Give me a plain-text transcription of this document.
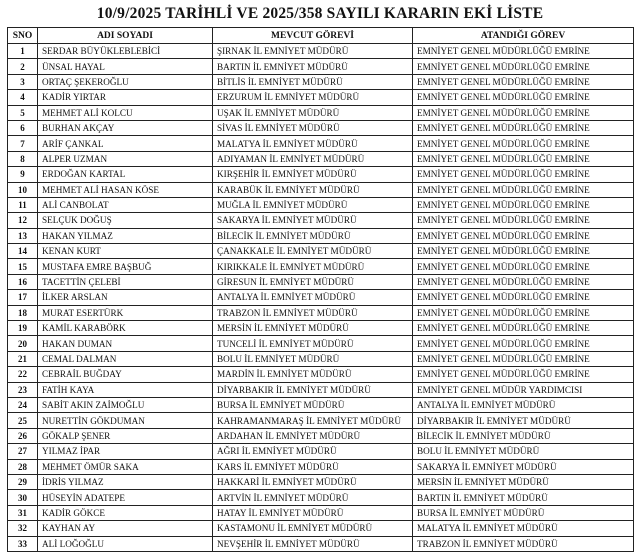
10/9/2025 TARİHLİ VE 2025/358 SAYILI KARARIN EKİ LİSTE
SNO	ADI SOYADI	MEVCUT GÖREVİ	ATANDIĞI GÖREV
1	SERDAR BÜYÜKLEBLEBİCİ	ŞIRNAK İL EMNİYET MÜDÜRÜ	EMNİYET GENEL MÜDÜRLÜĞÜ EMRİNE
2	ÜNSAL HAYAL	BARTIN İL EMNİYET MÜDÜRÜ	EMNİYET GENEL MÜDÜRLÜĞÜ EMRİNE
3	ORTAÇ ŞEKEROĞLU	BİTLİS İL EMNİYET MÜDÜRÜ	EMNİYET GENEL MÜDÜRLÜĞÜ EMRİNE
4	KADİR YIRTAR	ERZURUM İL EMNİYET MÜDÜRÜ	EMNİYET GENEL MÜDÜRLÜĞÜ EMRİNE
5	MEHMET ALİ KOLCU	UŞAK İL EMNİYET MÜDÜRÜ	EMNİYET GENEL MÜDÜRLÜĞÜ EMRİNE
6	BURHAN AKÇAY	SİVAS İL EMNİYET MÜDÜRÜ	EMNİYET GENEL MÜDÜRLÜĞÜ EMRİNE
7	ARİF ÇANKAL	MALATYA İL EMNİYET MÜDÜRÜ	EMNİYET GENEL MÜDÜRLÜĞÜ EMRİNE
8	ALPER UZMAN	ADIYAMAN İL EMNİYET MÜDÜRÜ	EMNİYET GENEL MÜDÜRLÜĞÜ EMRİNE
9	ERDOĞAN KARTAL	KIRŞEHİR İL EMNİYET MÜDÜRÜ	EMNİYET GENEL MÜDÜRLÜĞÜ EMRİNE
10	MEHMET ALİ HASAN KÖSE	KARABÜK İL EMNİYET MÜDÜRÜ	EMNİYET GENEL MÜDÜRLÜĞÜ EMRİNE
11	ALİ CANBOLAT	MUĞLA İL EMNİYET MÜDÜRÜ	EMNİYET GENEL MÜDÜRLÜĞÜ EMRİNE
12	SELÇUK DOĞUŞ	SAKARYA İL EMNİYET MÜDÜRÜ	EMNİYET GENEL MÜDÜRLÜĞÜ EMRİNE
13	HAKAN YILMAZ	BİLECİK İL EMNİYET MÜDÜRÜ	EMNİYET GENEL MÜDÜRLÜĞÜ EMRİNE
14	KENAN KURT	ÇANAKKALE İL EMNİYET MÜDÜRÜ	EMNİYET GENEL MÜDÜRLÜĞÜ EMRİNE
15	MUSTAFA EMRE BAŞBUĞ	KIRIKKALE İL EMNİYET MÜDÜRÜ	EMNİYET GENEL MÜDÜRLÜĞÜ EMRİNE
16	TACETTİN ÇELEBİ	GİRESUN İL EMNİYET MÜDÜRÜ	EMNİYET GENEL MÜDÜRLÜĞÜ EMRİNE
17	İLKER ARSLAN	ANTALYA İL EMNİYET MÜDÜRÜ	EMNİYET GENEL MÜDÜRLÜĞÜ EMRİNE
18	MURAT ESERTÜRK	TRABZON İL EMNİYET MÜDÜRÜ	EMNİYET GENEL MÜDÜRLÜĞÜ EMRİNE
19	KAMİL KARABÖRK	MERSİN İL EMNİYET MÜDÜRÜ	EMNİYET GENEL MÜDÜRLÜĞÜ EMRİNE
20	HAKAN DUMAN	TUNCELİ İL EMNİYET MÜDÜRÜ	EMNİYET GENEL MÜDÜRLÜĞÜ EMRİNE
21	CEMAL DALMAN	BOLU İL EMNİYET MÜDÜRÜ	EMNİYET GENEL MÜDÜRLÜĞÜ EMRİNE
22	CEBRAİL BUĞDAY	MARDİN İL EMNİYET MÜDÜRÜ	EMNİYET GENEL MÜDÜRLÜĞÜ EMRİNE
23	FATİH KAYA	DİYARBAKIR İL EMNİYET MÜDÜRÜ	EMNİYET GENEL MÜDÜR YARDIMCISI
24	SABİT AKIN ZAİMOĞLU	BURSA İL EMNİYET MÜDÜRÜ	ANTALYA İL EMNİYET MÜDÜRÜ
25	NURETTİN GÖKDUMAN	KAHRAMANMARAŞ İL EMNİYET MÜDÜRÜ	DİYARBAKIR İL EMNİYET MÜDÜRÜ
26	GÖKALP ŞENER	ARDAHAN İL EMNİYET MÜDÜRÜ	BİLECİK İL EMNİYET MÜDÜRÜ
27	YILMAZ İPAR	AĞRI İL EMNİYET MÜDÜRÜ	BOLU İL EMNİYET MÜDÜRÜ
28	MEHMET ÖMÜR SAKA	KARS İL EMNİYET MÜDÜRÜ	SAKARYA İL EMNİYET MÜDÜRÜ
29	İDRİS YILMAZ	HAKKARİ İL EMNİYET MÜDÜRÜ	MERSİN İL EMNİYET MÜDÜRÜ
30	HÜSEYİN ADATEPE	ARTVİN İL EMNİYET MÜDÜRÜ	BARTIN İL EMNİYET MÜDÜRÜ
31	KADİR GÖKCE	HATAY İL EMNİYET MÜDÜRÜ	BURSA İL EMNİYET MÜDÜRÜ
32	KAYHAN AY	KASTAMONU İL EMNİYET MÜDÜRÜ	MALATYA İL EMNİYET MÜDÜRÜ
33	ALİ LOĞOĞLU	NEVŞEHİR İL EMNİYET MÜDÜRÜ	TRABZON İL EMNİYET MÜDÜRÜ
